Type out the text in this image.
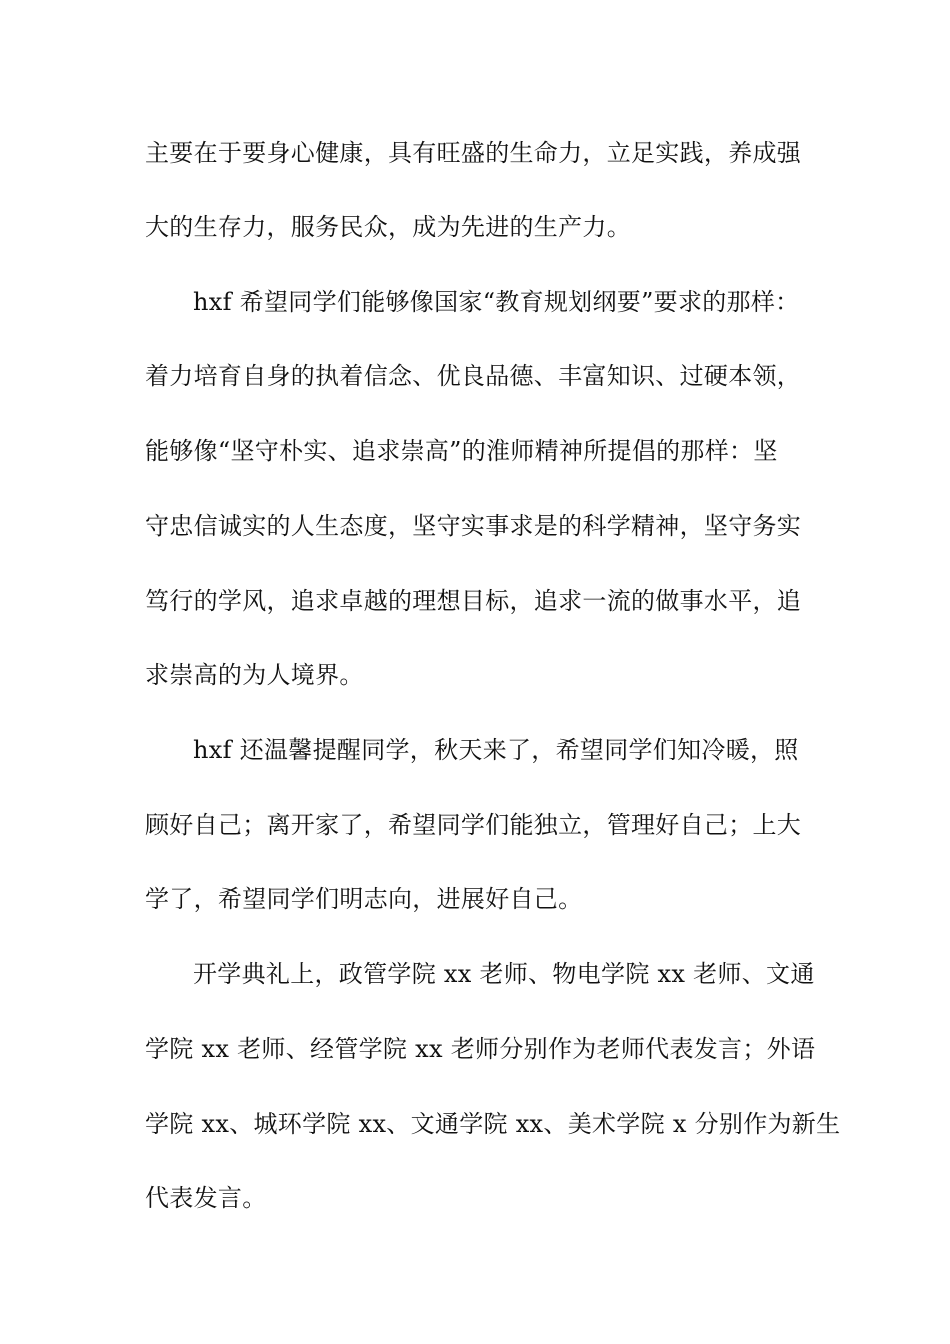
主要在于要身心健康，具有旺盛的生命力，立足实践，养成强
大的生存力，服务民众，成为先进的生产力。
hxf 希望同学们能够像国家“教育规划纲要”要求的那样：
着力培育自身的执着信念、优良品德、丰富知识、过硬本领，
能够像“坚守朴实、追求崇高”的淮师精神所提倡的那样：坚
守忠信诚实的人生态度，坚守实事求是的科学精神，坚守务实
笃行的学风，追求卓越的理想目标，追求一流的做事水平，追
求崇高的为人境界。
hxf 还温馨提醒同学，秋天来了，希望同学们知冷暖，照
顾好自己；离开家了，希望同学们能独立，管理好自己；上大
学了，希望同学们明志向，进展好自己。
开学典礼上，政管学院 xx 老师、物电学院 xx 老师、文通
学院 xx 老师、经管学院 xx 老师分别作为老师代表发言；外语
学院 xx、城环学院 xx、文通学院 xx、美术学院 x 分别作为新生
代表发言。
